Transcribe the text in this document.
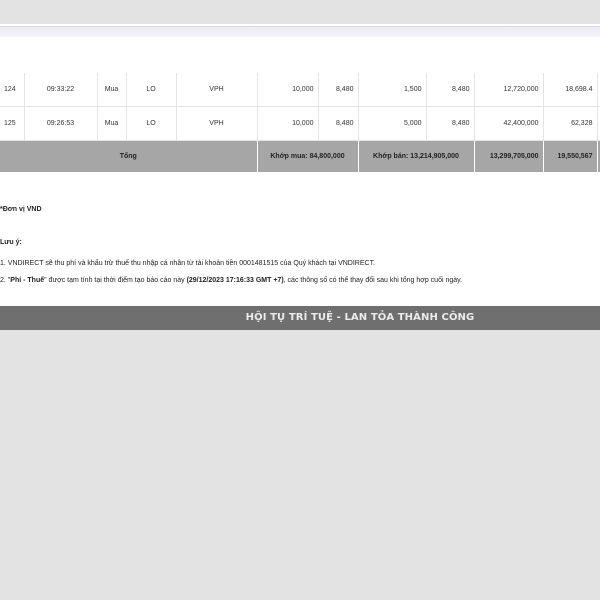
124	09:33:22	Mua	LO	VPH	10,000	8,480	1,500	8,480	12,720,000	18,698.4	
125	09:26:53	Mua	LO	VPH	10,000	8,480	5,000	8,480	42,400,000	62,328	
Tổng					Khớp mua: 84,800,000		Khớp bán: 13,214,905,000		13,299,705,000	19,550,567	
*Đơn vị VND
Lưu ý:
1. VNDIRECT sẽ thu phí và khấu trừ thuế thu nhập cá nhân từ tài khoản tiền 0001481515 của Quý khách tại VNDIRECT.
2. "Phí - Thuế" được tạm tính tại thời điểm tạo báo cáo này (29/12/2023 17:16:33 GMT +7), các thông số có thể thay đổi sau khi tổng hợp cuối ngày.
HỘI TỤ TRÍ TUỆ - LAN TỎA THÀNH CÔNG
